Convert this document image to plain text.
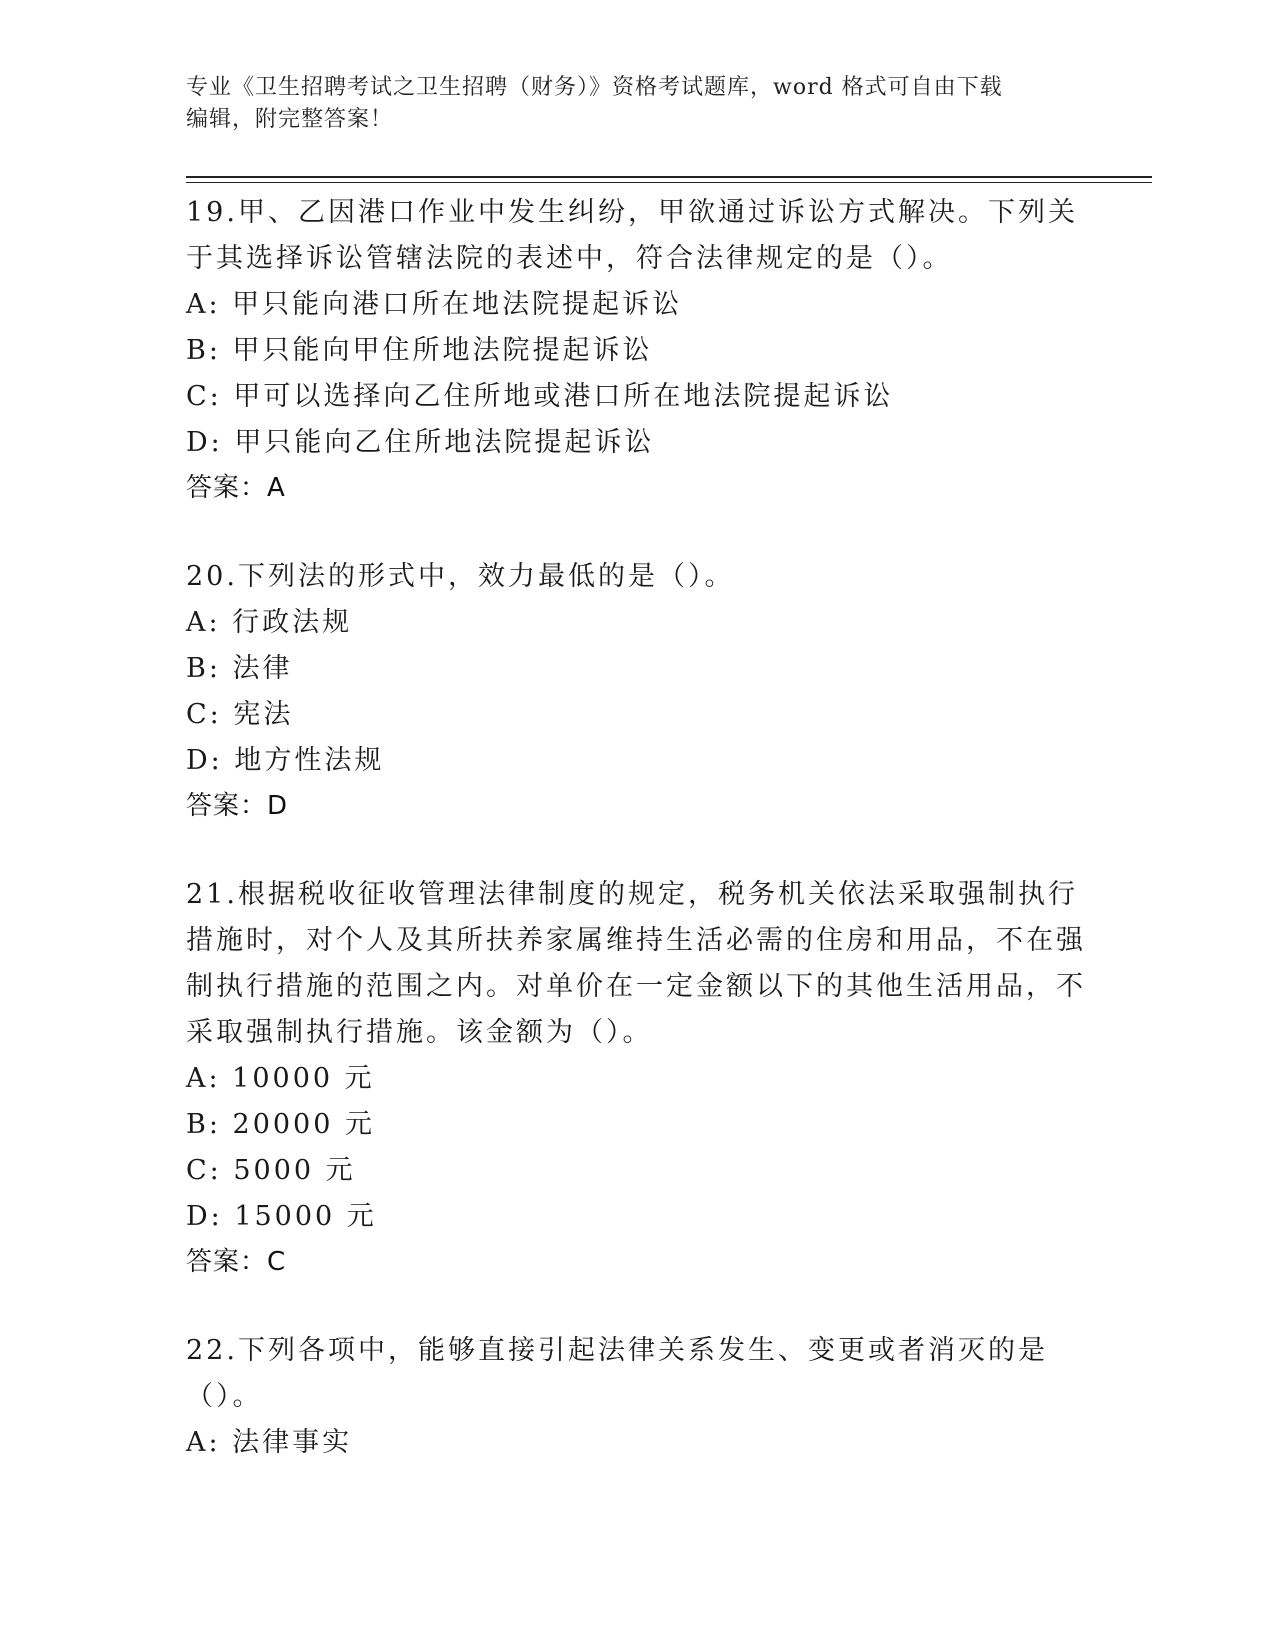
专业《卫生招聘考试之卫生招聘（财务）》资格考试题库，word 格式可自由下载
编辑，附完整答案！

19.甲、乙因港口作业中发生纠纷，甲欲通过诉讼方式解决。下列关于其选择诉讼管辖法院的表述中，符合法律规定的是（）。

A: 甲只能向港口所在地法院提起诉讼

B: 甲只能向甲住所地法院提起诉讼

C: 甲可以选择向乙住所地或港口所在地法院提起诉讼

D: 甲只能向乙住所地法院提起诉讼

答案：A

20.下列法的形式中，效力最低的是（）。

A: 行政法规

B: 法律

C: 宪法

D: 地方性法规

答案：D

21.根据税收征收管理法律制度的规定，税务机关依法采取强制执行措施时，对个人及其所扶养家属维持生活必需的住房和用品，不在强制执行措施的范围之内。对单价在一定金额以下的其他生活用品，不采取强制执行措施。该金额为（）。

A: 10000 元

B: 20000 元

C: 5000 元

D: 15000 元

答案：C

22.下列各项中，能够直接引起法律关系发生、变更或者消灭的是（）。

A: 法律事实
